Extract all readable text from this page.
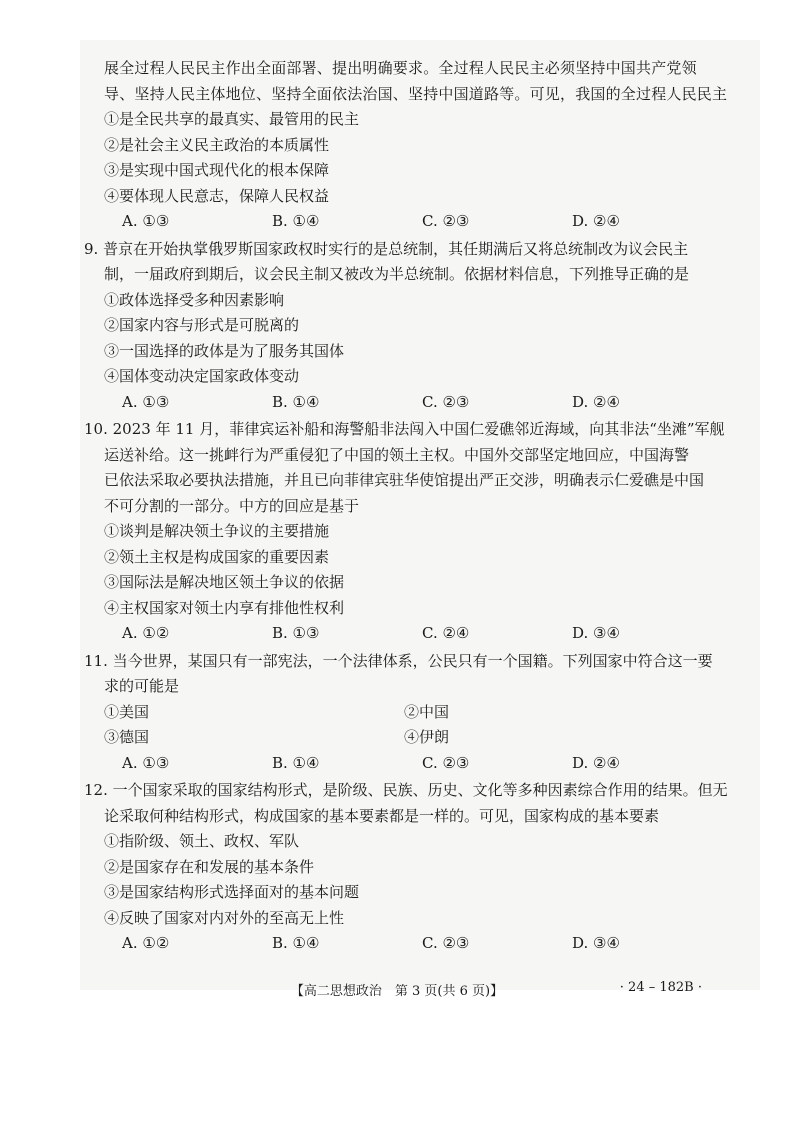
展全过程人民民主作出全面部署、提出明确要求。全过程人民民主必须坚持中国共产党领
导、坚持人民主体地位、坚持全面依法治国、坚持中国道路等。可见，我国的全过程人民民主
①是全民共享的最真实、最管用的民主
②是社会主义民主政治的本质属性
③是实现中国式现代化的根本保障
④要体现人民意志，保障人民权益
A. ①③	B. ①④	C. ②③	D. ②④
9. 普京在开始执掌俄罗斯国家政权时实行的是总统制，其任期满后又将总统制改为议会民主
制，一届政府到期后，议会民主制又被改为半总统制。依据材料信息，下列推导正确的是
①政体选择受多种因素影响
②国家内容与形式是可脱离的
③一国选择的政体是为了服务其国体
④国体变动决定国家政体变动
A. ①③	B. ①④	C. ②③	D. ②④
10. 2023 年 11 月，菲律宾运补船和海警船非法闯入中国仁爱礁邻近海域，向其非法“坐滩”军舰
运送补给。这一挑衅行为严重侵犯了中国的领土主权。中国外交部坚定地回应，中国海警
已依法采取必要执法措施，并且已向菲律宾驻华使馆提出严正交涉，明确表示仁爱礁是中国
不可分割的一部分。中方的回应是基于
①谈判是解决领土争议的主要措施
②领土主权是构成国家的重要因素
③国际法是解决地区领土争议的依据
④主权国家对领土内享有排他性权利
A. ①②	B. ①③	C. ②④	D. ③④
11. 当今世界，某国只有一部宪法，一个法律体系，公民只有一个国籍。下列国家中符合这一要
求的可能是
①美国	②中国
③德国	④伊朗
A. ①③	B. ①④	C. ②③	D. ②④
12. 一个国家采取的国家结构形式，是阶级、民族、历史、文化等多种因素综合作用的结果。但无
论采取何种结构形式，构成国家的基本要素都是一样的。可见，国家构成的基本要素
①指阶级、领土、政权、军队
②是国家存在和发展的基本条件
③是国家结构形式选择面对的基本问题
④反映了国家对内对外的至高无上性
A. ①②	B. ①④	C. ②③	D. ③④
【高二思想政治　第 3 页(共 6 页)】	· 24 – 182B ·
